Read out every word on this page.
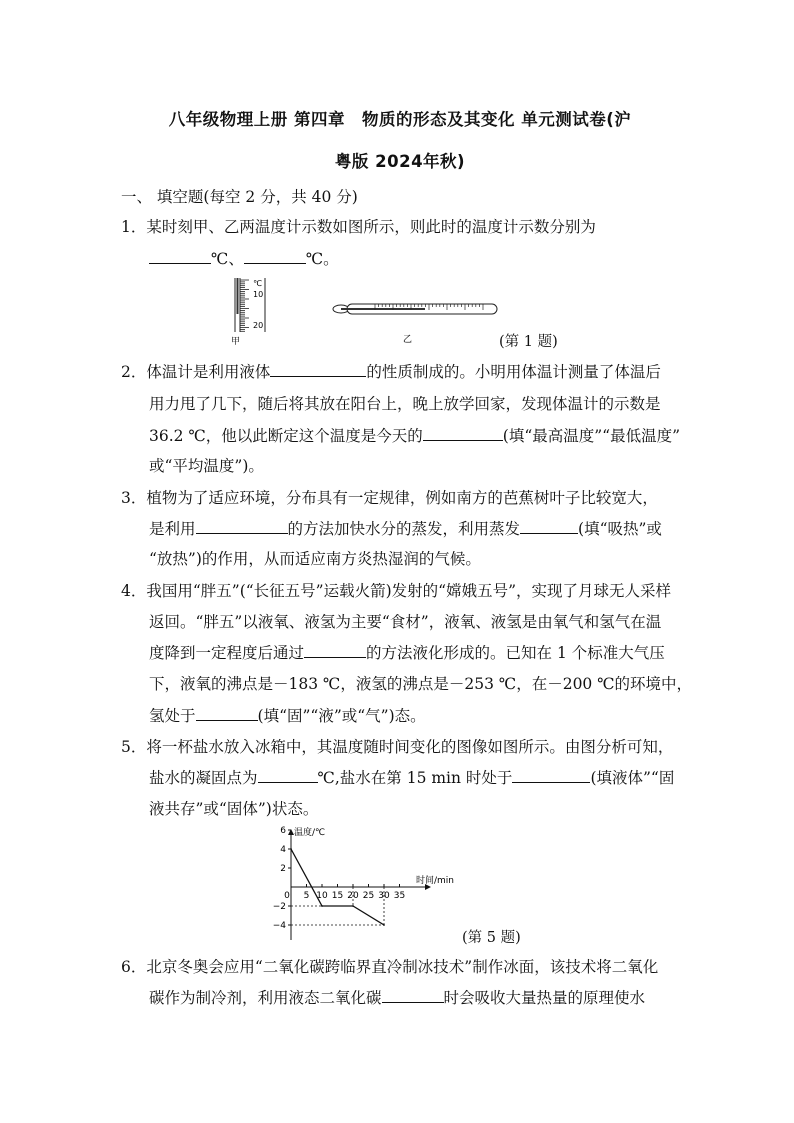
八年级物理上册 第四章　物质的形态及其变化 单元测试卷(沪
粤版 2024年秋)
一、 填空题(每空 2 分，共 40 分)
1．某时刻甲、乙两温度计示数如图所示，则此时的温度计示数分别为
℃、	℃。
℃
10
20
甲	乙	(第 1 题)
2．体温计是利用液体	的性质制成的。小明用体温计测量了体温后
用力甩了几下，随后将其放在阳台上，晚上放学回家，发现体温计的示数是
36.2 ℃，他以此断定这个温度是今天的	(填“最高温度”“最低温度”
或“平均温度”)。
3．植物为了适应环境，分布具有一定规律，例如南方的芭蕉树叶子比较宽大，
是利用	的方法加快水分的蒸发，利用蒸发	(填“吸热”或
“放热”)的作用，从而适应南方炎热湿润的气候。
4．我国用“胖五”(“长征五号”运载火箭)发射的“嫦娥五号”，实现了月球无人采样
返回。“胖五”以液氧、液氢为主要“食材”，液氧、液氢是由氧气和氢气在温
度降到一定程度后通过	的方法液化形成的。已知在 1 个标准大气压
下，液氧的沸点是－183 ℃，液氢的沸点是－253 ℃，在－200 ℃的环境中，
氢处于	(填“固”“液”或“气”)态。
5．将一杯盐水放入冰箱中，其温度随时间变化的图像如图所示。由图分析可知，
盐水的凝固点为	℃,盐水在第 15 min 时处于	(填液体”“固
液共存”或“固体”)状态。
温度/℃
时间/min
6
4
2
−2
−4
0 5 10 15 20 25 30 35
(第 5 题)
6．北京冬奥会应用“二氧化碳跨临界直冷制冰技术”制作冰面，该技术将二氧化
碳作为制冷剂，利用液态二氧化碳	时会吸收大量热量的原理使水
